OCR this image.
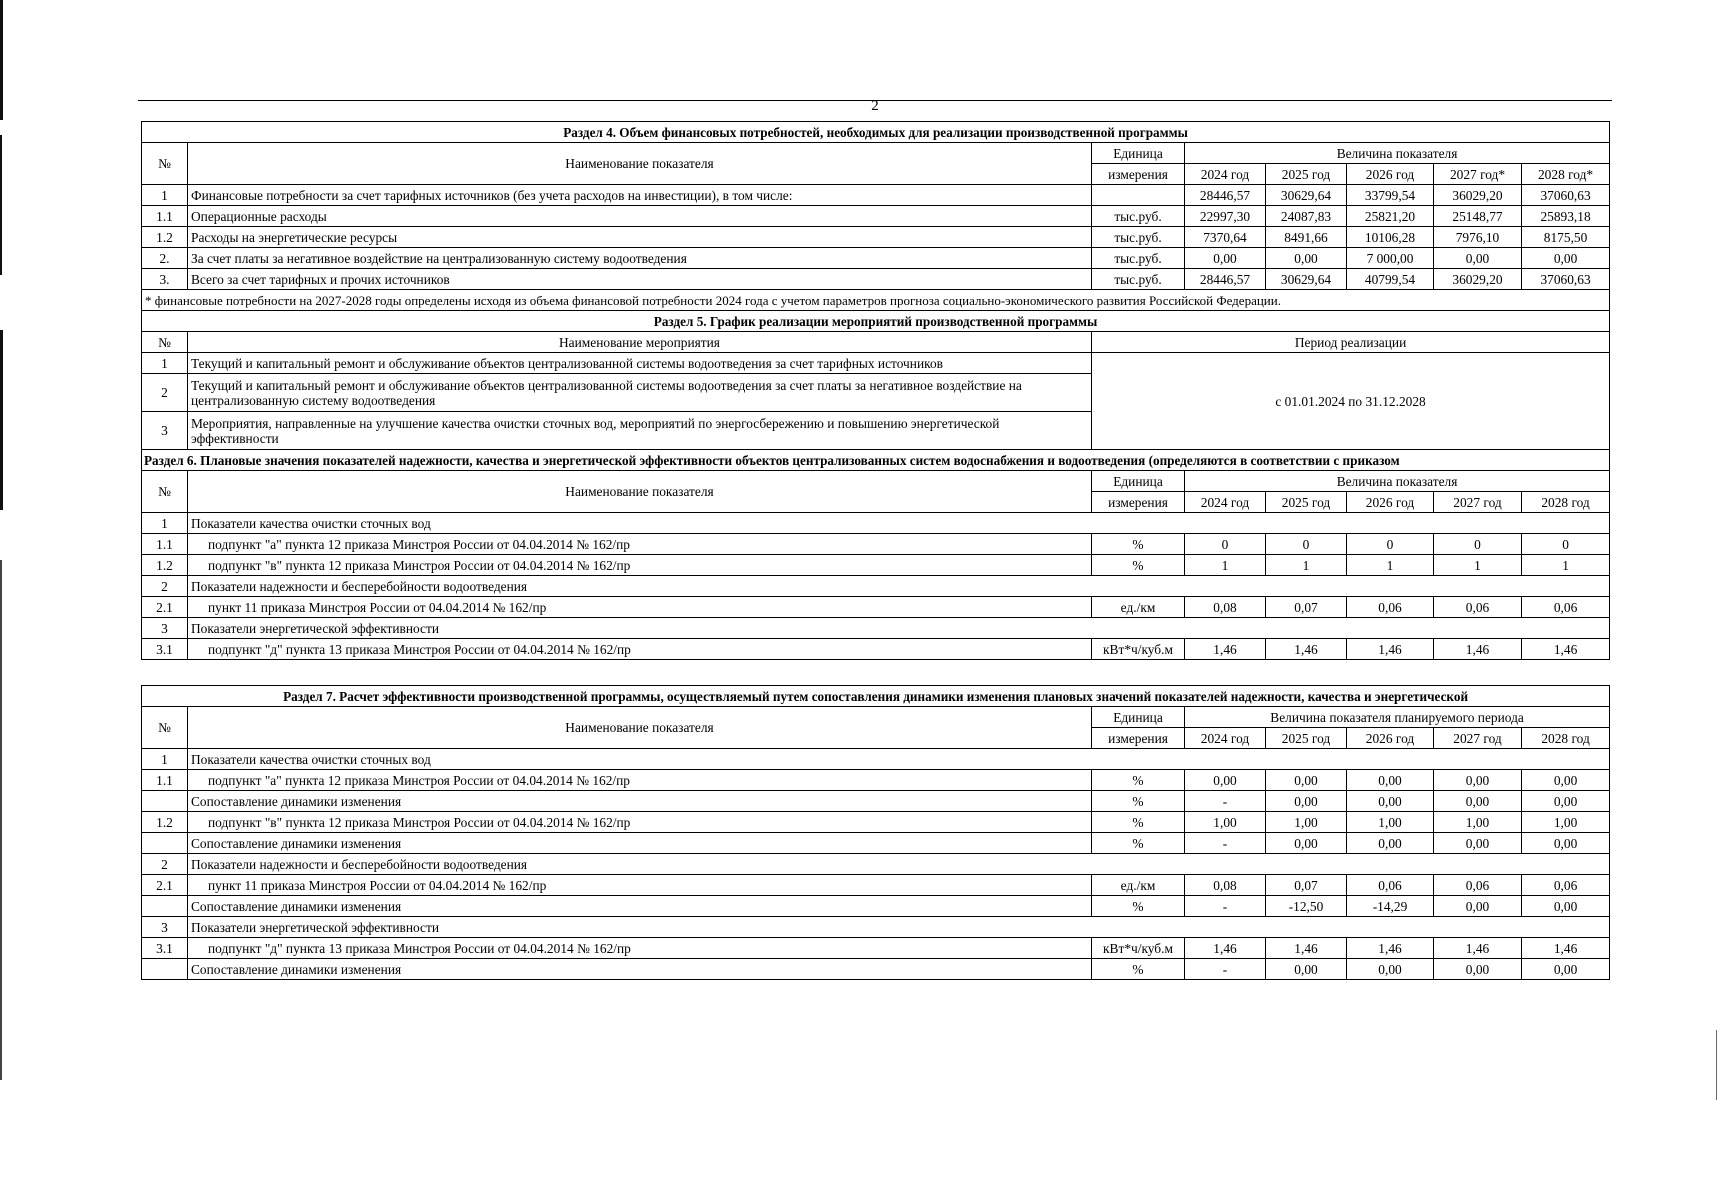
2
Раздел 4. Объем финансовых потребностей, необходимых для реализации производственной программы							
№	Наименование показателя	Единица	Величина показателя				
		измерения	2024 год	2025 год	2026 год	2027 год*	2028 год*
1	Финансовые потребности за счет тарифных источников (без учета расходов на инвестиции), в том числе:		28446,57	30629,64	33799,54	36029,20	37060,63
1.1	Операционные расходы	тыс.руб.	22997,30	24087,83	25821,20	25148,77	25893,18
1.2	Расходы на энергетические ресурсы	тыс.руб.	7370,64	8491,66	10106,28	7976,10	8175,50
2.	За счет платы за негативное воздействие на централизованную систему водоотведения	тыс.руб.	0,00	0,00	7 000,00	0,00	0,00
3.	Всего за счет тарифных и прочих источников	тыс.руб.	28446,57	30629,64	40799,54	36029,20	37060,63
* финансовые потребности на 2027-2028 годы определены исходя из объема финансовой потребности 2024 года с учетом параметров прогноза социально-экономического развития Российской Федерации.							
Раздел 5. График реализации мероприятий производственной программы							
№	Наименование мероприятия	Период реализации					
1	Текущий и капитальный ремонт и обслуживание объектов централизованной системы водоотведения за счет тарифных источников	с 01.01.2024 по 31.12.2028					
2	Текущий и капитальный ремонт и обслуживание объектов централизованной системы водоотведения за счет платы за негативное воздействие на централизованную систему водоотведения						
3	Мероприятия, направленные на улучшение качества очистки сточных вод, мероприятий по энергосбережению и повышению энергетической эффективности						
Раздел 6. Плановые значения показателей надежности, качества и энергетической эффективности объектов централизованных систем водоснабжения и водоотведения (определяются в соответствии с приказом							
№	Наименование показателя	Единица	Величина показателя				
		измерения	2024 год	2025 год	2026 год	2027 год	2028 год
1	Показатели качества очистки сточных вод						
1.1	подпункт "а" пункта 12 приказа Минстроя России от 04.04.2014 № 162/пр	%	0	0	0	0	0
1.2	подпункт "в" пункта 12 приказа Минстроя России от 04.04.2014 № 162/пр	%	1	1	1	1	1
2	Показатели надежности и бесперебойности водоотведения						
2.1	пункт 11 приказа Минстроя России от 04.04.2014 № 162/пр	ед./км	0,08	0,07	0,06	0,06	0,06
3	Показатели энергетической эффективности						
3.1	подпункт "д" пункта 13 приказа Минстроя России от 04.04.2014 № 162/пр	кВт*ч/куб.м	1,46	1,46	1,46	1,46	1,46
Раздел 7. Расчет эффективности производственной программы, осуществляемый путем сопоставления динамики изменения плановых значений показателей надежности, качества и энергетической							
№	Наименование показателя	Единица	Величина показателя планируемого периода				
		измерения	2024 год	2025 год	2026 год	2027 год	2028 год
1	Показатели качества очистки сточных вод						
1.1	подпункт "а" пункта 12 приказа Минстроя России от 04.04.2014 № 162/пр	%	0,00	0,00	0,00	0,00	0,00
	Сопоставление динамики изменения	%	-	0,00	0,00	0,00	0,00
1.2	подпункт "в" пункта 12 приказа Минстроя России от 04.04.2014 № 162/пр	%	1,00	1,00	1,00	1,00	1,00
	Сопоставление динамики изменения	%	-	0,00	0,00	0,00	0,00
2	Показатели надежности и бесперебойности водоотведения						
2.1	пункт 11 приказа Минстроя России от 04.04.2014 № 162/пр	ед./км	0,08	0,07	0,06	0,06	0,06
	Сопоставление динамики изменения	%	-	-12,50	-14,29	0,00	0,00
3	Показатели энергетической эффективности						
3.1	подпункт "д" пункта 13 приказа Минстроя России от 04.04.2014 № 162/пр	кВт*ч/куб.м	1,46	1,46	1,46	1,46	1,46
	Сопоставление динамики изменения	%	-	0,00	0,00	0,00	0,00
